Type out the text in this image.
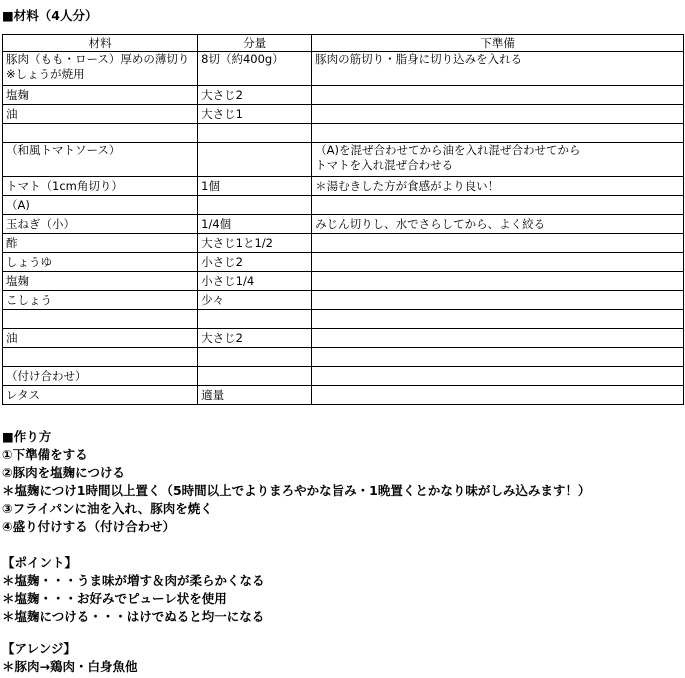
■材料（4人分）
材料	分量	下準備
豚肉（もも・ロース）厚めの薄切り
※しょうが焼用	8切（約400g）	豚肉の筋切り・脂身に切り込みを入れる
塩麹	大さじ2	
油	大さじ1	

（和風トマトソース）		（A)を混ぜ合わせてから油を入れ混ぜ合わせてから
トマトを入れ混ぜ合わせる
トマト（1cm角切り）	1個	＊湯むきした方が食感がより良い！
（A)		
玉ねぎ（小）	1/4個	みじん切りし、水でさらしてから、よく絞る
酢	大さじ1と1/2	
しょうゆ	小さじ2	
塩麹	小さじ1/4	
こしょう	少々	

油	大さじ2	

（付け合わせ）		
レタス	適量	
■作り方
①下準備をする
②豚肉を塩麹につける
＊塩麹につけ1時間以上置く（5時間以上でよりまろやかな旨み・1晩置くとかなり味がしみ込みます！）
③フライパンに油を入れ、豚肉を焼く
④盛り付けする（付け合わせ）
【ポイント】
＊塩麹・・・うま味が増す＆肉が柔らかくなる
＊塩麹・・・お好みでピューレ状を使用
＊塩麹につける・・・はけでぬると均一になる
【アレンジ】
＊豚肉→鶏肉・白身魚他
